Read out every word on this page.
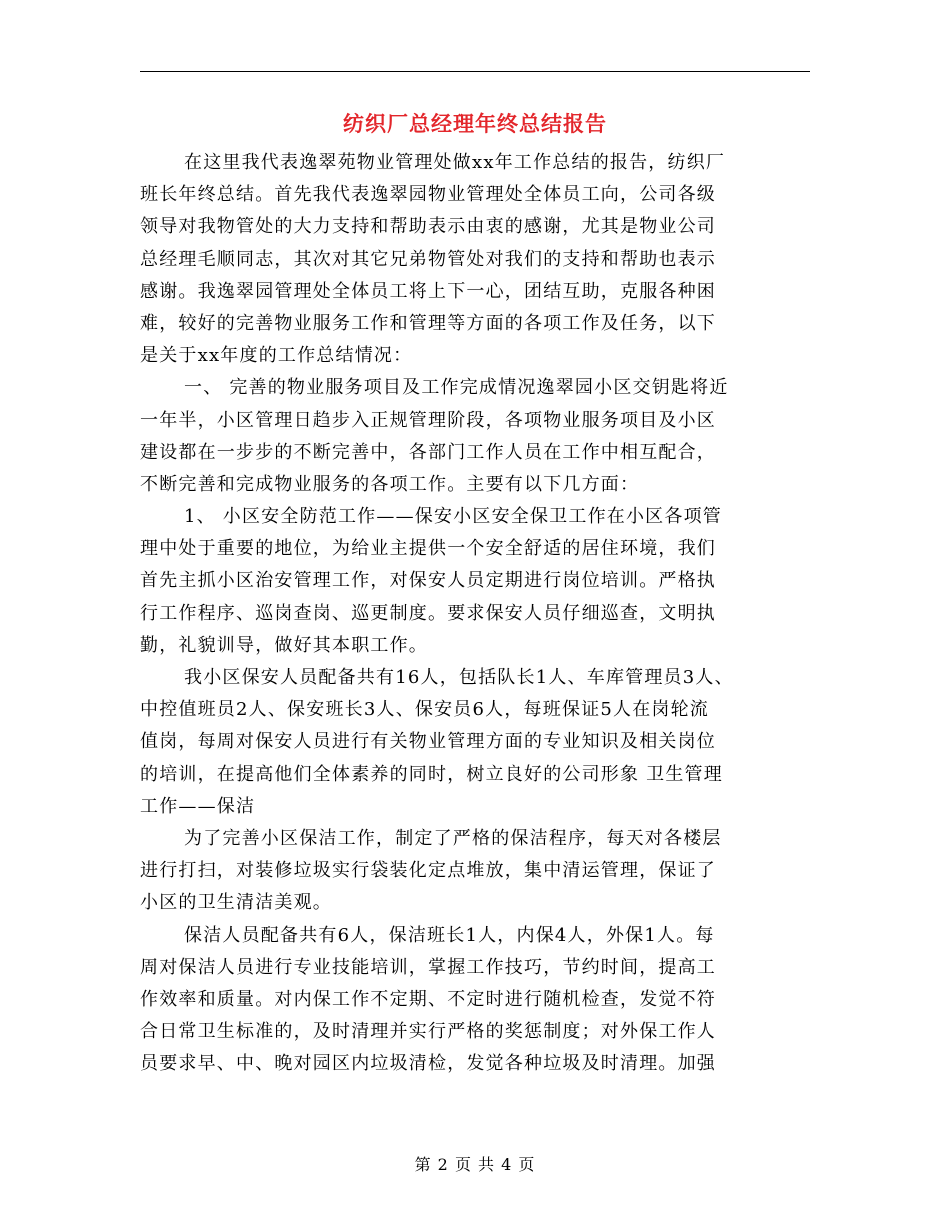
纺织厂总经理年终总结报告
在这里我代表逸翠苑物业管理处做xx年工作总结的报告，纺织厂
班长年终总结。首先我代表逸翠园物业管理处全体员工向，公司各级
领导对我物管处的大力支持和帮助表示由衷的感谢，尤其是物业公司
总经理毛顺同志，其次对其它兄弟物管处对我们的支持和帮助也表示
感谢。我逸翠园管理处全体员工将上下一心，团结互助，克服各种困
难，较好的完善物业服务工作和管理等方面的各项工作及任务，以下
是关于xx年度的工作总结情况：
一、 完善的物业服务项目及工作完成情况逸翠园小区交钥匙将近
一年半，小区管理日趋步入正规管理阶段，各项物业服务项目及小区
建设都在一步步的不断完善中，各部门工作人员在工作中相互配合，
不断完善和完成物业服务的各项工作。主要有以下几方面：
1、 小区安全防范工作——保安小区安全保卫工作在小区各项管
理中处于重要的地位，为给业主提供一个安全舒适的居住环境，我们
首先主抓小区治安管理工作，对保安人员定期进行岗位培训。严格执
行工作程序、巡岗查岗、巡更制度。要求保安人员仔细巡查，文明执
勤，礼貌训导，做好其本职工作。
我小区保安人员配备共有16人，包括队长1人、车库管理员3人、
中控值班员2人、保安班长3人、保安员6人，每班保证5人在岗轮流
值岗，每周对保安人员进行有关物业管理方面的专业知识及相关岗位
的培训，在提高他们全体素养的同时，树立良好的公司形象 卫生管理
工作——保洁
为了完善小区保洁工作，制定了严格的保洁程序，每天对各楼层
进行打扫，对装修垃圾实行袋装化定点堆放，集中清运管理，保证了
小区的卫生清洁美观。
保洁人员配备共有6人，保洁班长1人，内保4人，外保1人。每
周对保洁人员进行专业技能培训，掌握工作技巧，节约时间，提高工
作效率和质量。对内保工作不定期、不定时进行随机检查，发觉不符
合日常卫生标准的，及时清理并实行严格的奖惩制度；对外保工作人
员要求早、中、晚对园区内垃圾清检，发觉各种垃圾及时清理。加强
第 2 页 共 4 页
